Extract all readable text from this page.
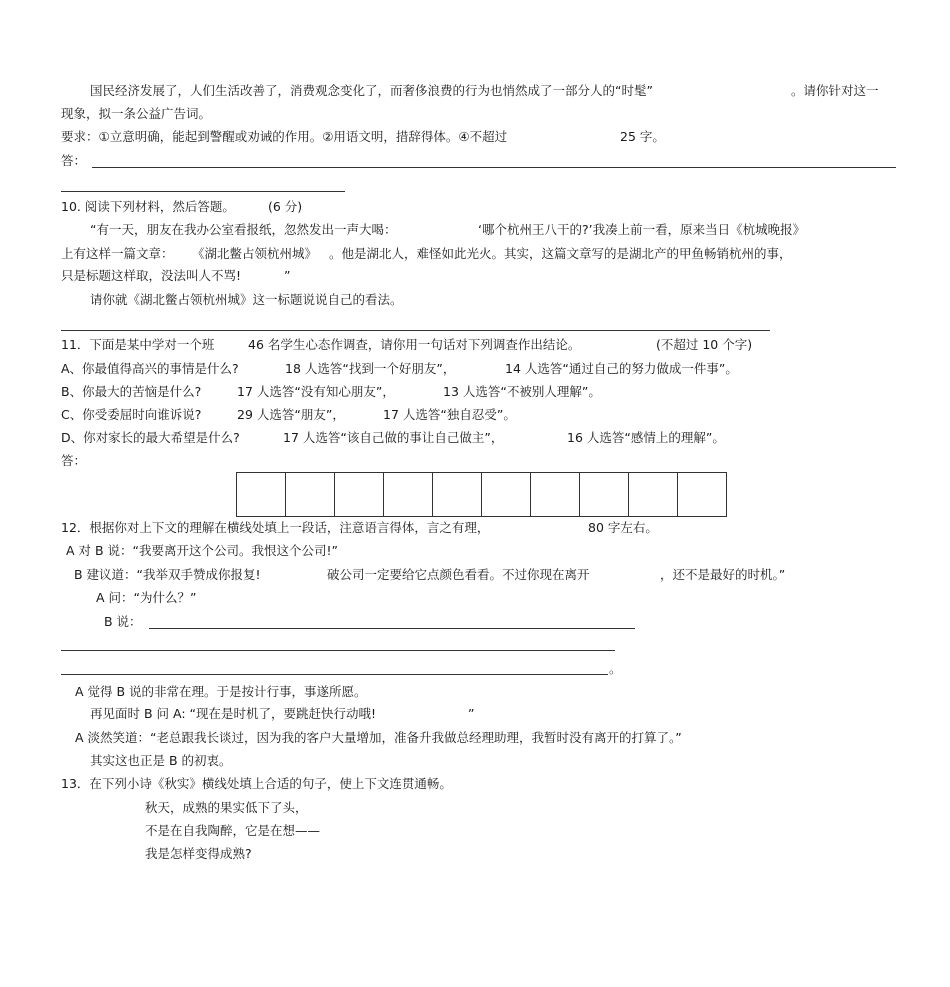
国民经济发展了，人们生活改善了，消费观念变化了，而奢侈浪费的行为也悄然成了一部分人的“时髦”	。请你针对这一
现象，拟一条公益广告词。
要求：①立意明确，能起到警醒或劝诫的作用。②用语文明，措辞得体。④不超过	25 字。
答：
10. 阅读下列材料，然后答题。	(6 分)
“有一天，朋友在我办公室看报纸，忽然发出一声大喝：	‘哪个杭州王八干的?’我凑上前一看，原来当日《杭城晚报》
上有这样一篇文章： 《湖北鳖占领杭州城》 。他是湖北人，难怪如此光火。其实，这篇文章写的是湖北产的甲鱼畅销杭州的事，
只是标题这样取，没法叫人不骂!	”
请你就《湖北鳖占领杭州城》这一标题说说自己的看法。
11．下面是某中学对一个班	46 名学生心态作调查，请你用一句话对下列调查作出结论。	(不超过 10 个字)
A、你最值得高兴的事情是什么?	18 人选答“找到一个好朋友”，	14 人选答“通过自己的努力做成一件事”。
B、你最大的苦恼是什么?	17 人选答“没有知心朋友”，	13 人选答“不被别人理解”。
C、你受委屈时向谁诉说?	29 人选答“朋友”，	17 人选答“独自忍受”。
D、你对家长的最大希望是什么?	17 人选答“该自己做的事让自己做主”，	16 人选答“感情上的理解”。
答：
12．根据你对上下文的理解在横线处填上一段话，注意语言得体，言之有理，	80 字左右。
A 对 B 说：“我要离开这个公司。我恨这个公司!”
B 建议道：“我举双手赞成你报复!	破公司一定要给它点颜色看看。不过你现在离开	，还不是最好的时机。”
A 问：“为什么？”
B 说：
。
A 觉得 B 说的非常在理。于是按计行事，事遂所愿。
再见面时 B 问 A: “现在是时机了，要跳赶快行动哦!	”
A 淡然笑道：“老总跟我长谈过，因为我的客户大量增加，准备升我做总经理助理，我暂时没有离开的打算了。”
其实这也正是 B 的初衷。
13．在下列小诗《秋实》横线处填上合适的句子，使上下文连贯通畅。
秋天，成熟的果实低下了头，
不是在自我陶醉，它是在想——
我是怎样变得成熟?
